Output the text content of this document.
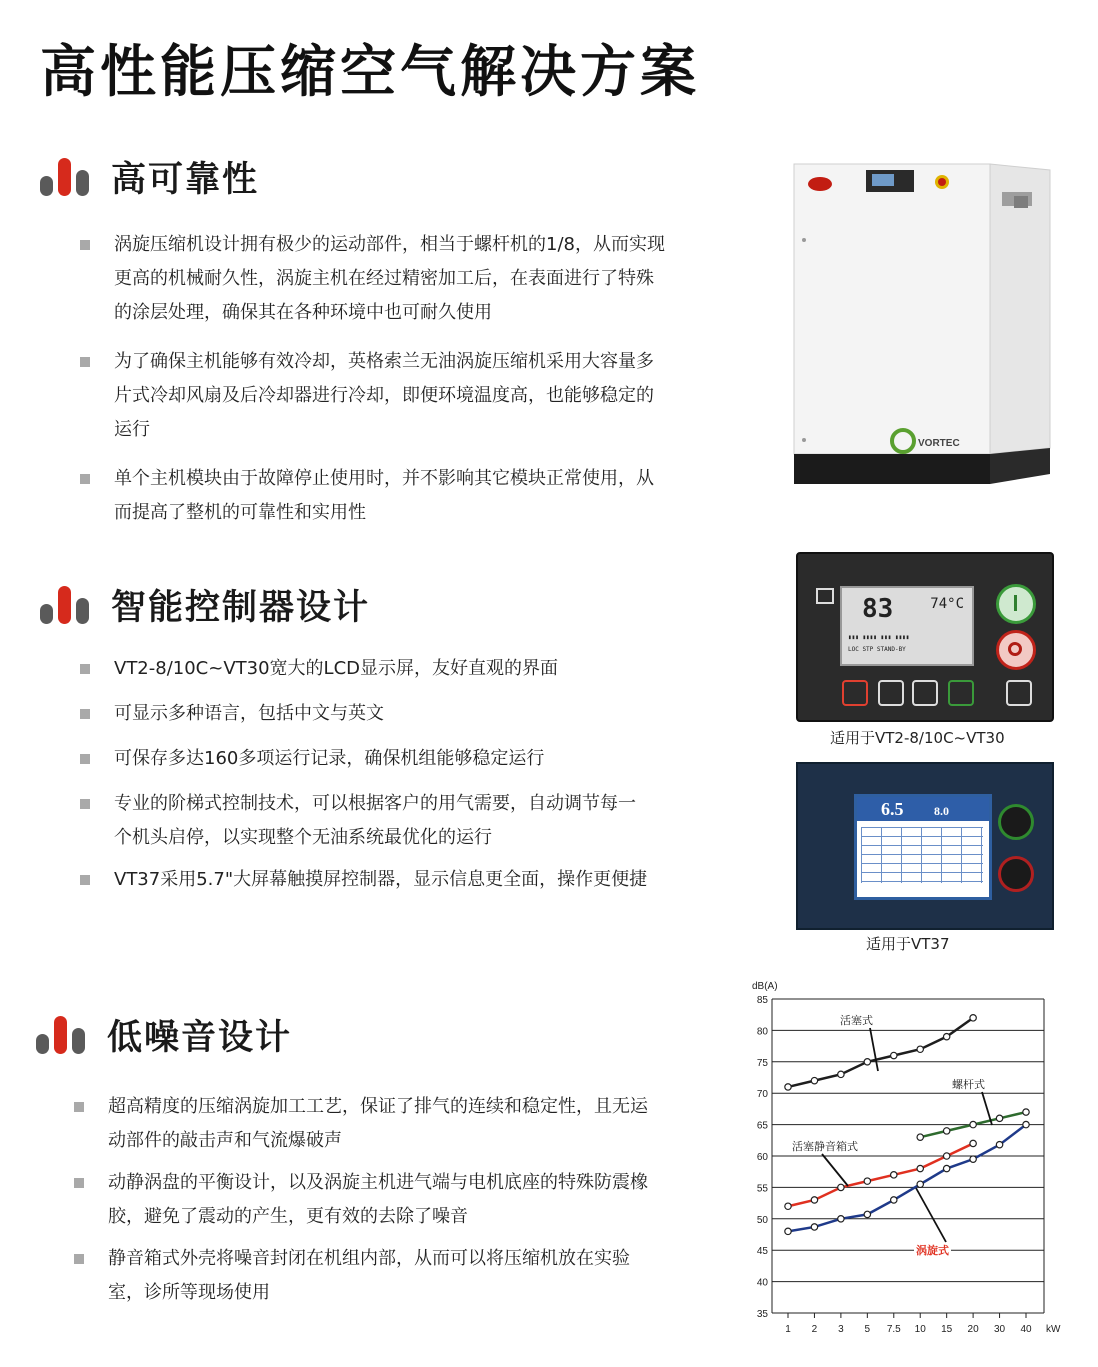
高性能压缩空气解决方案
高可靠性
涡旋压缩机设计拥有极少的运动部件，相当于螺杆机的1/8，从而实现
更高的机械耐久性，涡旋主机在经过精密加工后，在表面进行了特殊
的涂层处理，确保其在各种环境中也可耐久使用
为了确保主机能够有效冷却，英格索兰无油涡旋压缩机采用大容量多
片式冷却风扇及后冷却器进行冷却，即便环境温度高，也能够稳定的
运行
单个主机模块由于故障停止使用时，并不影响其它模块正常使用，从
而提高了整机的可靠性和实用性
智能控制器设计
VT2-8/10C~VT30宽大的LCD显示屏，友好直观的界面
可显示多种语言，包括中文与英文
可保存多达160多项运行记录，确保机组能够稳定运行
专业的阶梯式控制技术，可以根据客户的用气需要，自动调节每一
个机头启停，以实现整个无油系统最优化的运行
VT37采用5.7"大屏幕触摸屏控制器，显示信息更全面，操作更便捷
低噪音设计
超高精度的压缩涡旋加工工艺，保证了排气的连续和稳定性，且无运
动部件的敲击声和气流爆破声
动静涡盘的平衡设计，以及涡旋主机进气端与电机底座的特殊防震橡
胶，避免了震动的产生，更有效的去除了噪音
静音箱式外壳将噪音封闭在机组内部，从而可以将压缩机放在实验
室，诊所等现场使用
VORTEC
83	74°C
▮▮▮ ▮▮▮▮ ▮▮▮ ▮▮▮▮
LOC STP STAND-BY
适用于VT2-8/10C~VT30
6.5	8.0
适用于VT37
35
40
45
50
55
60
65
70
75
80
85
dB(A)
1 2 3 5 7.5 10 15 20 30 40 kW
活塞式
螺杆式
活塞静音箱式
涡旋式
